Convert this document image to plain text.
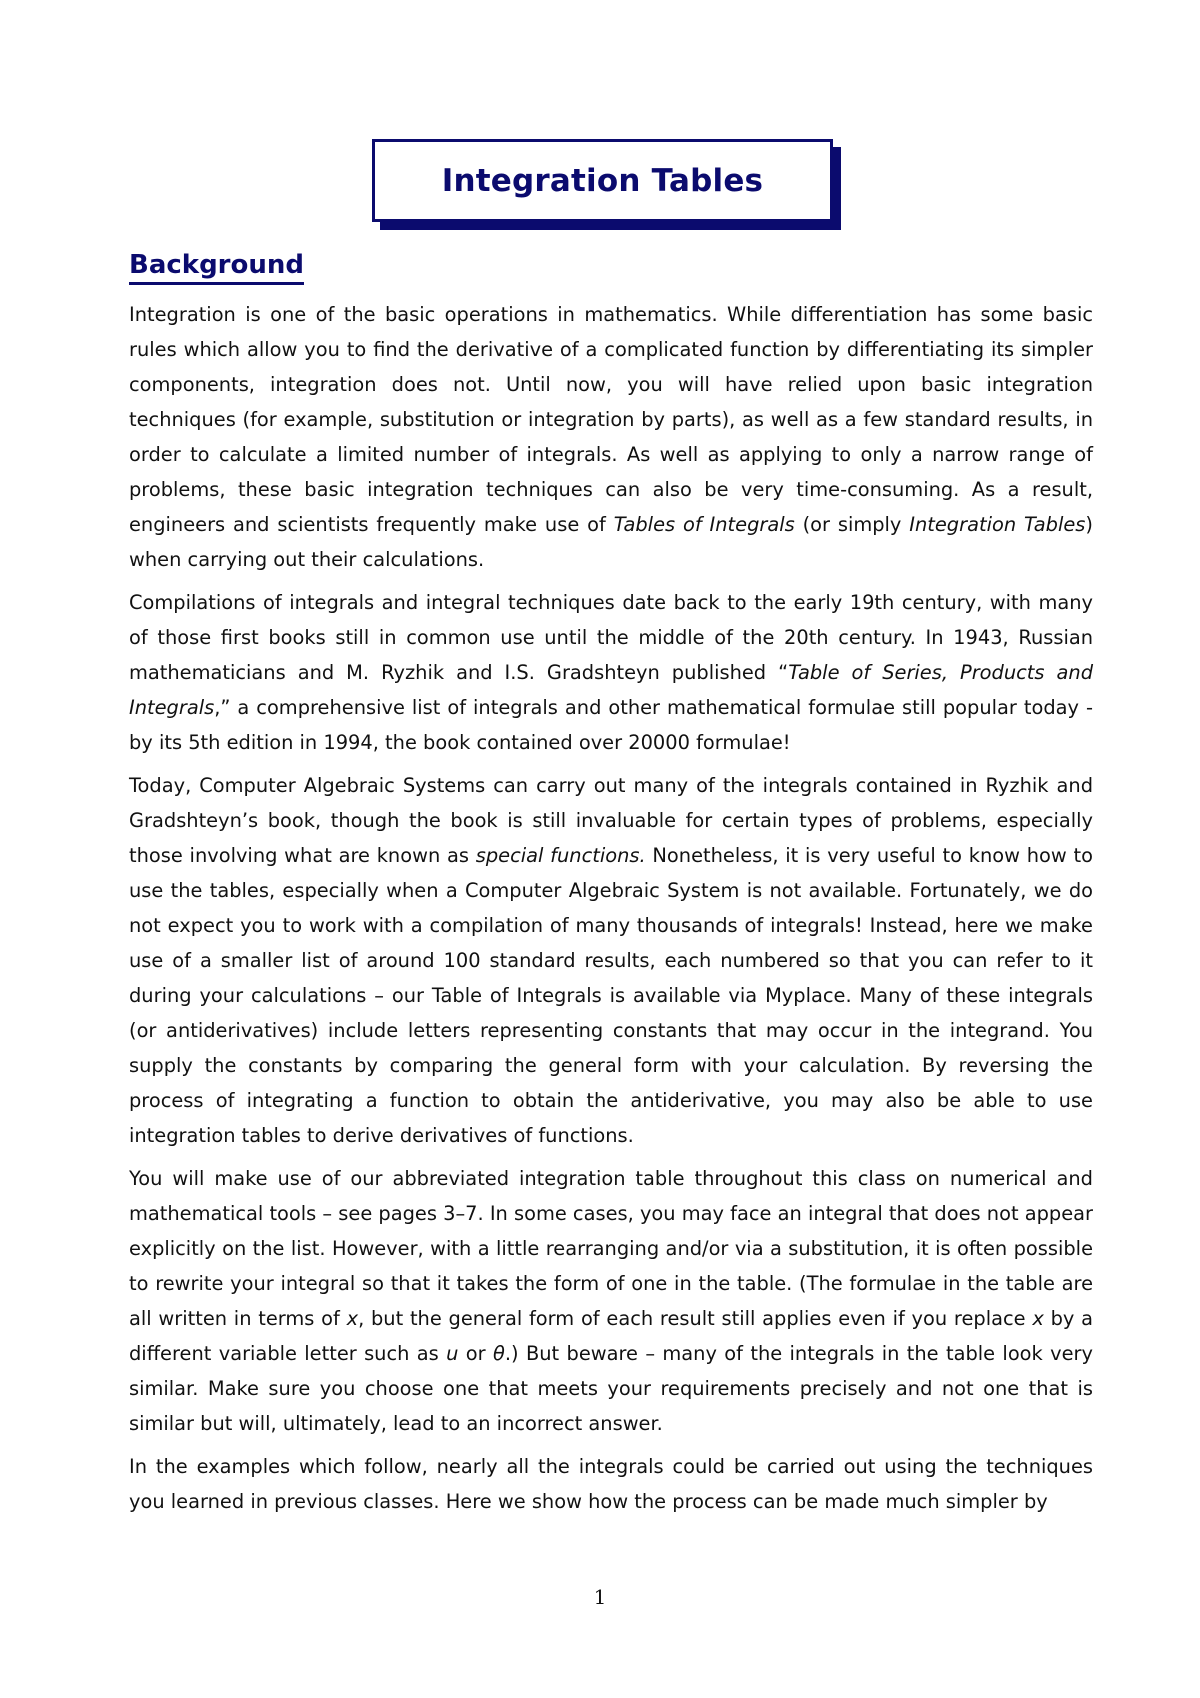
Integration Tables
Background

Integration is one of the basic operations in mathematics. While differentiation has some basic rules which allow you to find the derivative of a complicated function by differentiating its simpler components, integration does not. Until now, you will have relied upon basic integration techniques (for example, substitution or integration by parts), as well as a few standard results, in order to calculate a limited number of integrals. As well as applying to only a narrow range of problems, these basic integration techniques can also be very time-consuming. As a result, engineers and scientists frequently make use of Tables of Integrals (or simply Integration Tables) when carrying out their calculations.

Compilations of integrals and integral techniques date back to the early 19th century, with many of those first books still in common use until the middle of the 20th century. In 1943, Russian mathematicians and M. Ryzhik and I.S. Gradshteyn published “Table of Series, Products and Integrals,” a comprehensive list of integrals and other mathematical formulae still popular today - by its 5th edition in 1994, the book contained over 20000 formulae!

Today, Computer Algebraic Systems can carry out many of the integrals contained in Ryzhik and Gradshteyn’s book, though the book is still invaluable for certain types of problems, especially those involving what are known as special functions. Nonetheless, it is very useful to know how to use the tables, especially when a Computer Algebraic System is not available. Fortunately, we do not expect you to work with a compilation of many thousands of integrals! Instead, here we make use of a smaller list of around 100 standard results, each numbered so that you can refer to it during your calculations – our Table of Integrals is available via Myplace. Many of these integrals (or antiderivatives) include letters representing constants that may occur in the integrand. You supply the constants by comparing the general form with your calculation. By reversing the process of integrating a function to obtain the antiderivative, you may also be able to use integration tables to derive derivatives of functions.

You will make use of our abbreviated integration table throughout this class on numerical and mathematical tools – see pages 3–7. In some cases, you may face an integral that does not appear explicitly on the list. However, with a little rearranging and/or via a substitution, it is often possible to rewrite your integral so that it takes the form of one in the table. (The formulae in the table are all written in terms of x, but the general form of each result still applies even if you replace x by a different variable letter such as u or θ.) But beware – many of the integrals in the table look very similar. Make sure you choose one that meets your requirements precisely and not one that is similar but will, ultimately, lead to an incorrect answer.

In the examples which follow, nearly all the integrals could be carried out using the techniques you learned in previous classes. Here we show how the process can be made much simpler by

1
